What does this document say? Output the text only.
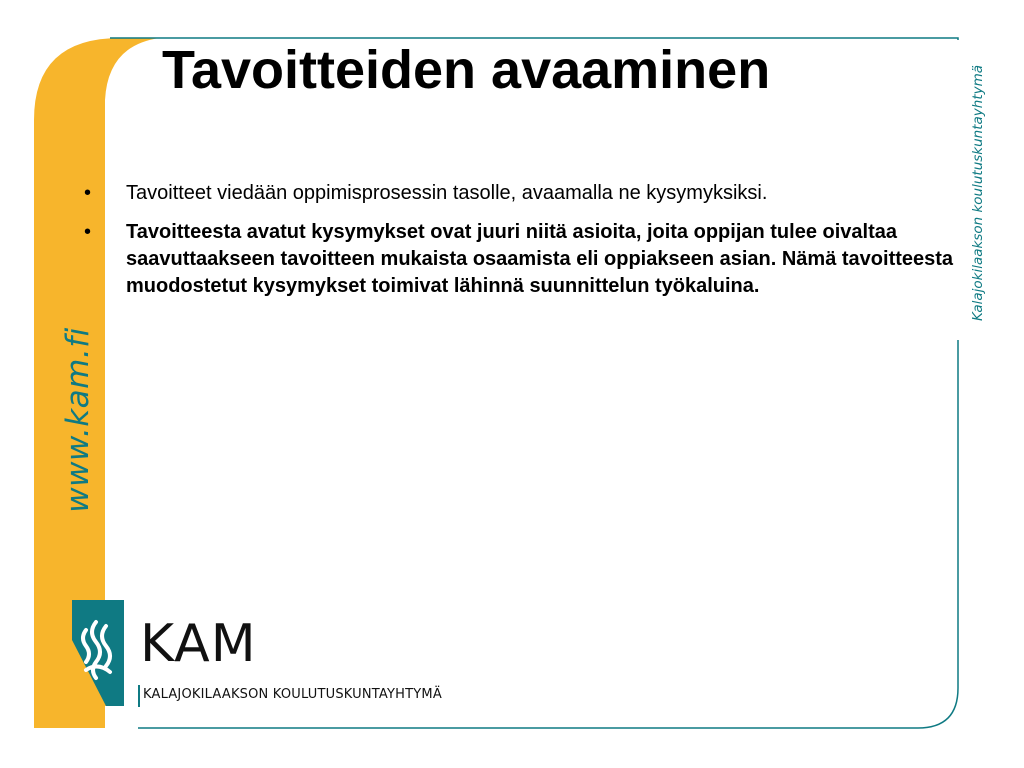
www.kam.fi
Kalajokilaakson koulutuskuntayhtymä
Tavoitteiden avaaminen
• Tavoitteet viedään oppimisprosessin tasolle, avaamalla ne kysymyksiksi.
• Tavoitteesta avatut kysymykset ovat juuri niitä asioita, joita oppijan tulee oivaltaa saavuttaakseen tavoitteen mukaista osaamista eli oppiakseen asian. Nämä tavoitteesta muodostetut kysymykset toimivat lähinnä suunnittelun työkaluina.
KAM
KALAJOKILAAKSON KOULUTUSKUNTAYHTYMÄ
